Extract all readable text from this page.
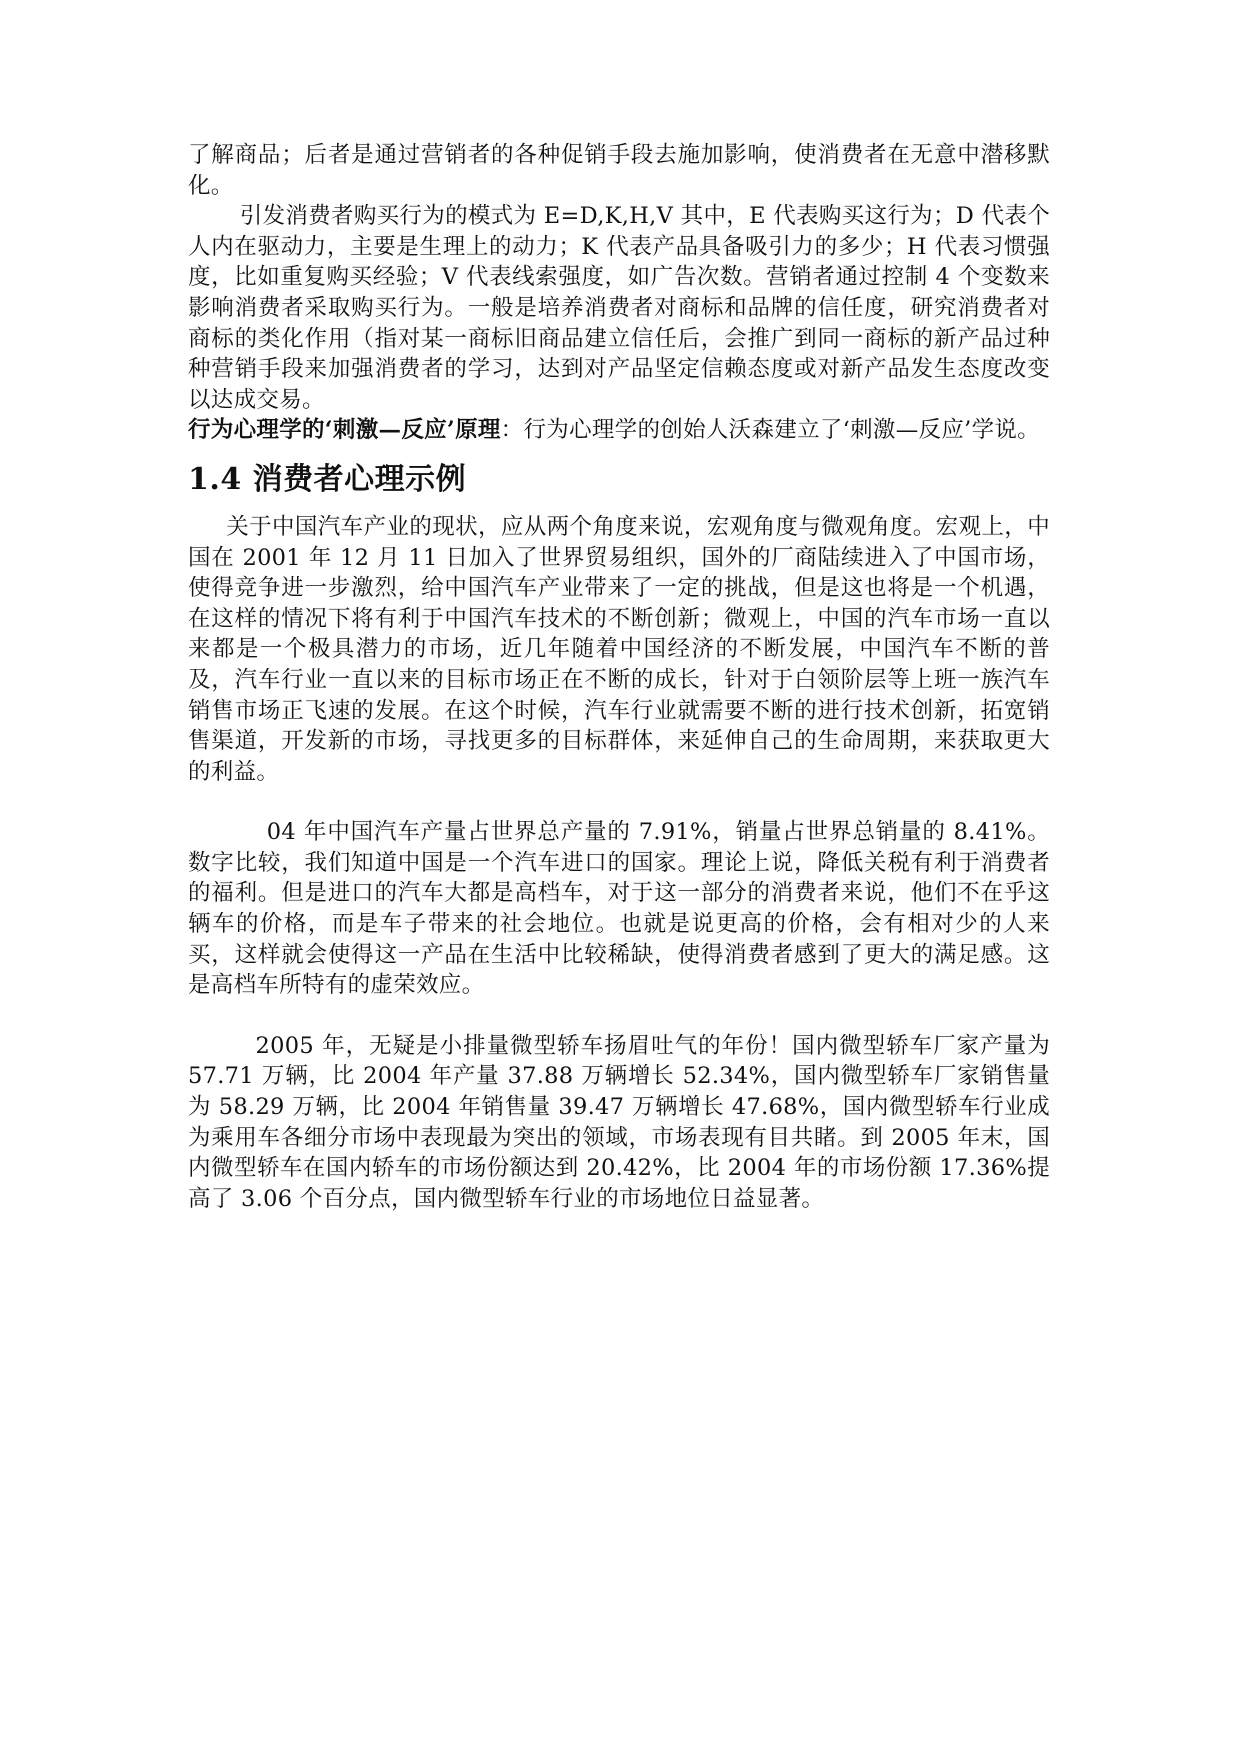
了解商品；后者是通过营销者的各种促销手段去施加影响，使消费者在无意中潜移默化。

引发消费者购买行为的模式为 E=D,K,H,V 其中，E 代表购买这行为；D 代表个人内在驱动力，主要是生理上的动力；K 代表产品具备吸引力的多少；H 代表习惯强度，比如重复购买经验；V 代表线索强度，如广告次数。营销者通过控制 4 个变数来影响消费者采取购买行为。一般是培养消费者对商标和品牌的信任度，研究消费者对商标的类化作用（指对某一商标旧商品建立信任后，会推广到同一商标的新产品过种种营销手段来加强消费者的学习，达到对产品坚定信赖态度或对新产品发生态度改变以达成交易。

行为心理学的‘刺激—反应’原理：行为心理学的创始人沃森建立了‘刺激—反应’学说。

1.4 消费者心理示例

关于中国汽车产业的现状，应从两个角度来说，宏观角度与微观角度。宏观上，中国在 2001 年 12 月 11 日加入了世界贸易组织，国外的厂商陆续进入了中国市场，使得竞争进一步激烈，给中国汽车产业带来了一定的挑战，但是这也将是一个机遇，在这样的情况下将有利于中国汽车技术的不断创新；微观上，中国的汽车市场一直以来都是一个极具潜力的市场，近几年随着中国经济的不断发展，中国汽车不断的普及，汽车行业一直以来的目标市场正在不断的成长，针对于白领阶层等上班一族汽车销售市场正飞速的发展。在这个时候，汽车行业就需要不断的进行技术创新，拓宽销售渠道，开发新的市场，寻找更多的目标群体，来延伸自己的生命周期，来获取更大的利益。

04 年中国汽车产量占世界总产量的 7.91%，销量占世界总销量的 8.41%。数字比较，我们知道中国是一个汽车进口的国家。理论上说，降低关税有利于消费者的福利。但是进口的汽车大都是高档车，对于这一部分的消费者来说，他们不在乎这辆车的价格，而是车子带来的社会地位。也就是说更高的价格，会有相对少的人来买，这样就会使得这一产品在生活中比较稀缺，使得消费者感到了更大的满足感。这是高档车所特有的虚荣效应。

2005 年，无疑是小排量微型轿车扬眉吐气的年份！国内微型轿车厂家产量为 57.71 万辆，比 2004 年产量 37.88 万辆增长 52.34%，国内微型轿车厂家销售量为 58.29 万辆，比 2004 年销售量 39.47 万辆增长 47.68%，国内微型轿车行业成为乘用车各细分市场中表现最为突出的领域，市场表现有目共睹。到 2005 年末，国内微型轿车在国内轿车的市场份额达到 20.42%，比 2004 年的市场份额 17.36%提高了 3.06 个百分点，国内微型轿车行业的市场地位日益显著。
